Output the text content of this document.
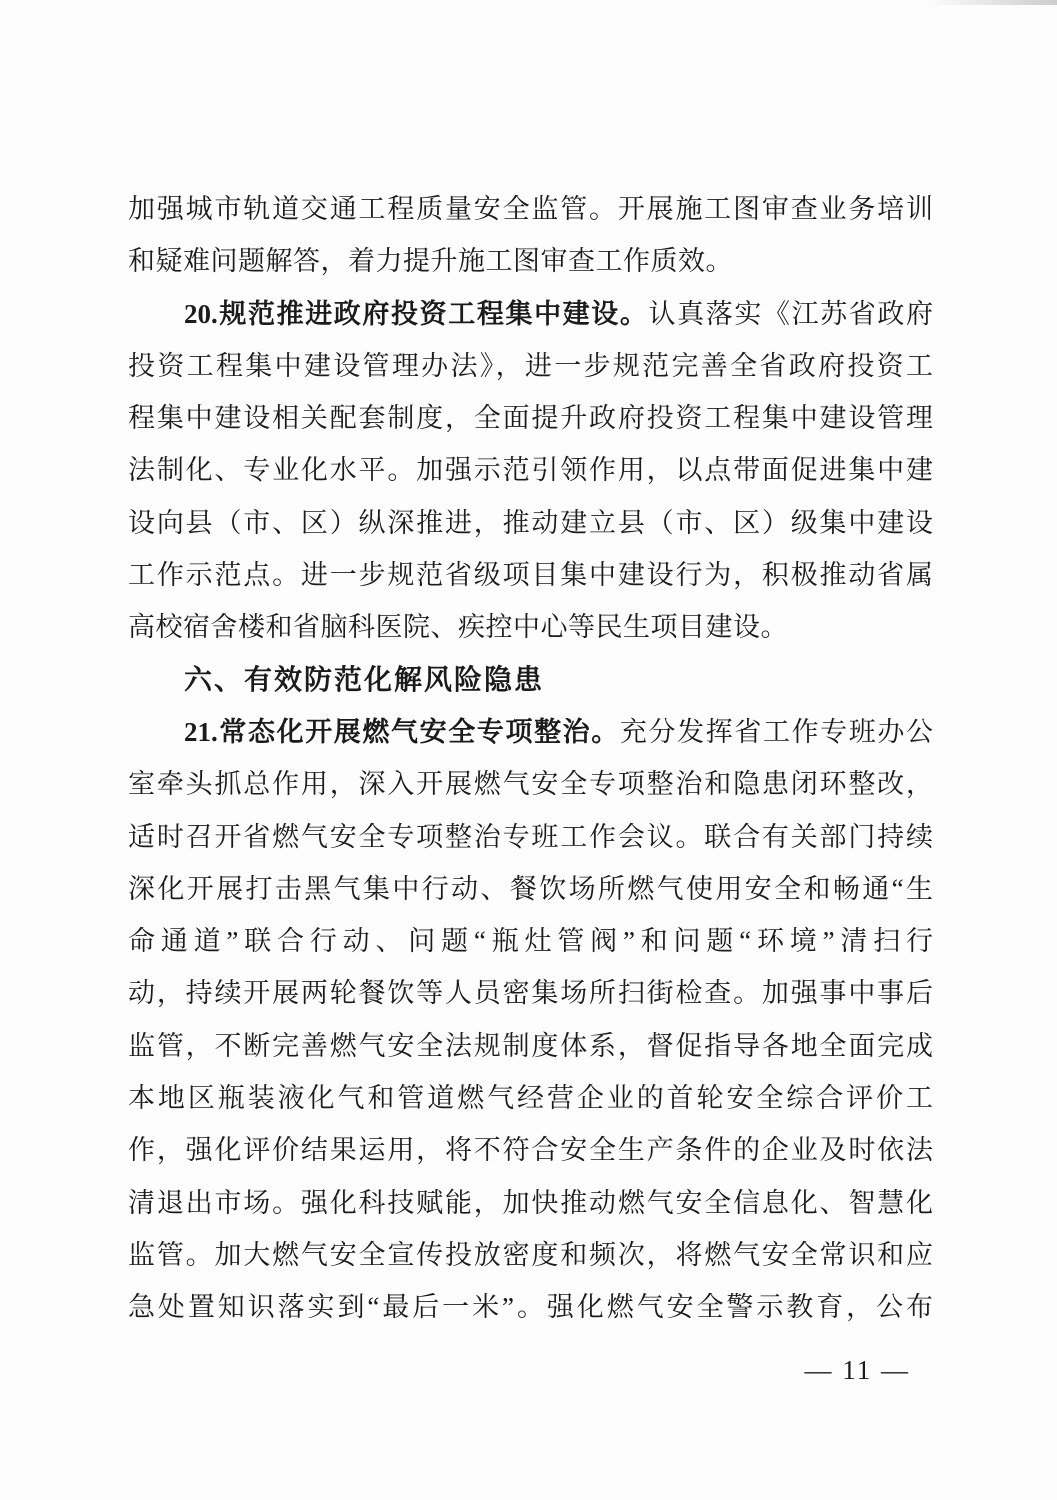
加强城市轨道交通工程质量安全监管。开展施工图审查业务培训
和疑难问题解答，着力提升施工图审查工作质效。
20.规范推进政府投资工程集中建设。认真落实《江苏省政府
投资工程集中建设管理办法》，进一步规范完善全省政府投资工
程集中建设相关配套制度，全面提升政府投资工程集中建设管理
法制化、专业化水平。加强示范引领作用，以点带面促进集中建
设向县（市、区）纵深推进，推动建立县（市、区）级集中建设
工作示范点。进一步规范省级项目集中建设行为，积极推动省属
高校宿舍楼和省脑科医院、疾控中心等民生项目建设。
六、有效防范化解风险隐患
21.常态化开展燃气安全专项整治。充分发挥省工作专班办公
室牵头抓总作用，深入开展燃气安全专项整治和隐患闭环整改，
适时召开省燃气安全专项整治专班工作会议。联合有关部门持续
深化开展打击黑气集中行动、餐饮场所燃气使用安全和畅通“生
命通道”联合行动、问题“瓶灶管阀”和问题“环境”清扫行
动，持续开展两轮餐饮等人员密集场所扫街检查。加强事中事后
监管，不断完善燃气安全法规制度体系，督促指导各地全面完成
本地区瓶装液化气和管道燃气经营企业的首轮安全综合评价工
作，强化评价结果运用，将不符合安全生产条件的企业及时依法
清退出市场。强化科技赋能，加快推动燃气安全信息化、智慧化
监管。加大燃气安全宣传投放密度和频次，将燃气安全常识和应
急处置知识落实到“最后一米”。强化燃气安全警示教育，公布
— 11 —
